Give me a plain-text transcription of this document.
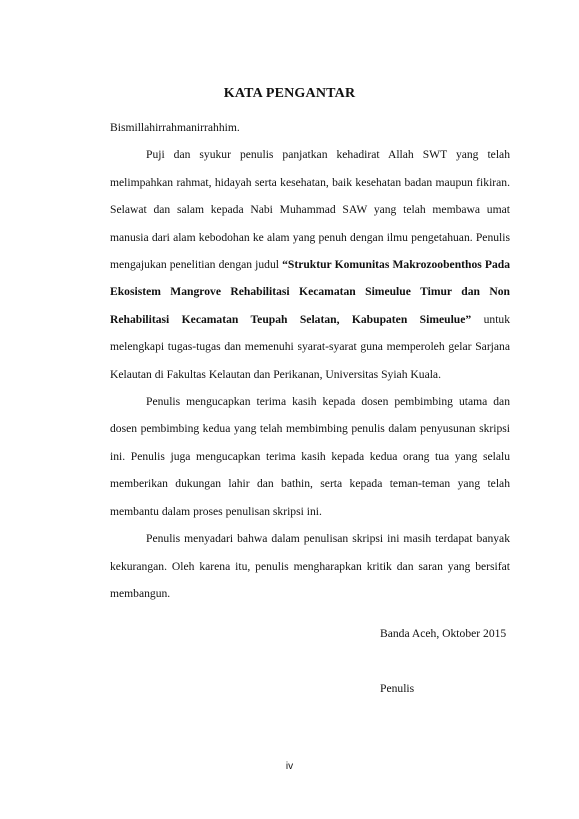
KATA PENGANTAR

Bismillahirrahmanirrahhim.

Puji dan syukur penulis panjatkan kehadirat Allah SWT yang telah melimpahkan rahmat, hidayah serta kesehatan, baik kesehatan badan maupun fikiran. Selawat dan salam kepada Nabi Muhammad SAW yang telah membawa umat manusia dari alam kebodohan ke alam yang penuh dengan ilmu pengetahuan. Penulis mengajukan penelitian dengan judul “Struktur Komunitas Makrozoobenthos Pada Ekosistem Mangrove Rehabilitasi Kecamatan Simeulue Timur dan Non Rehabilitasi Kecamatan Teupah Selatan, Kabupaten Simeulue” untuk melengkapi tugas-tugas dan memenuhi syarat-syarat guna memperoleh gelar Sarjana Kelautan di Fakultas Kelautan dan Perikanan, Universitas Syiah Kuala.

Penulis mengucapkan terima kasih kepada dosen pembimbing utama dan dosen pembimbing kedua yang telah membimbing penulis dalam penyusunan skripsi ini. Penulis juga mengucapkan terima kasih kepada kedua orang tua yang selalu memberikan dukungan lahir dan bathin, serta kepada teman-teman yang telah membantu dalam proses penulisan skripsi ini.

Penulis menyadari bahwa dalam penulisan skripsi ini masih terdapat banyak kekurangan. Oleh karena itu, penulis mengharapkan kritik dan saran yang bersifat membangun.

Banda Aceh, Oktober 2015
Penulis
iv
